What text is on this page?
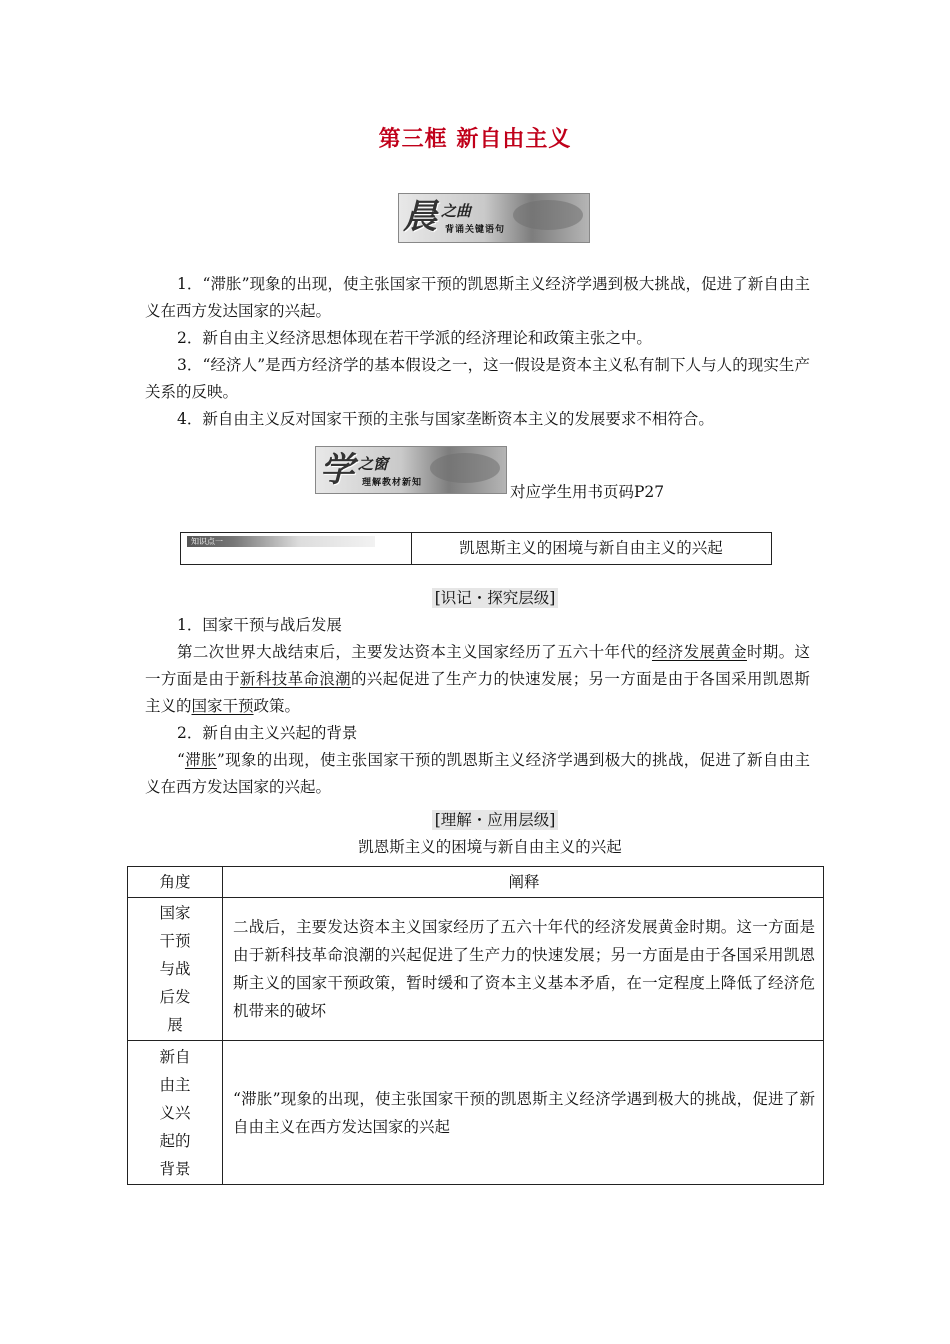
第三框 新自由主义
晨 之曲
背诵关键语句
1．“滞胀”现象的出现，使主张国家干预的凯恩斯主义经济学遇到极大挑战，促进了新自由主义在西方发达国家的兴起。
2．新自由主义经济思想体现在若干学派的经济理论和政策主张之中。
3．“经济人”是西方经济学的基本假设之一，这一假设是资本主义私有制下人与人的现实生产关系的反映。
4．新自由主义反对国家干预的主张与国家垄断资本主义的发展要求不相符合。
学 之窗
理解教材新知	对应学生用书页码P27
知识点一	凯恩斯主义的困境与新自由主义的兴起
[识记・探究层级]
1．国家干预与战后发展
第二次世界大战结束后，主要发达资本主义国家经历了五六十年代的经济发展黄金时期。这一方面是由于新科技革命浪潮的兴起促进了生产力的快速发展；另一方面是由于各国采用凯恩斯主义的国家干预政策。
2．新自由主义兴起的背景
“滞胀”现象的出现，使主张国家干预的凯恩斯主义经济学遇到极大的挑战，促进了新自由主义在西方发达国家的兴起。
[理解・应用层级]
凯恩斯主义的困境与新自由主义的兴起
角度	阐释

国家
干预
与战
后发
展	二战后，主要发达资本主义国家经历了五六十年代的经济发展黄金时期。这一方面是由于新科技革命浪潮的兴起促进了生产力的快速发展；另一方面是由于各国采用凯恩斯主义的国家干预政策，暂时缓和了资本主义基本矛盾，在一定程度上降低了经济危机带来的破坏

新自
由主
义兴
起的
背景	“滞胀”现象的出现，使主张国家干预的凯恩斯主义经济学遇到极大的挑战，促进了新自由主义在西方发达国家的兴起
